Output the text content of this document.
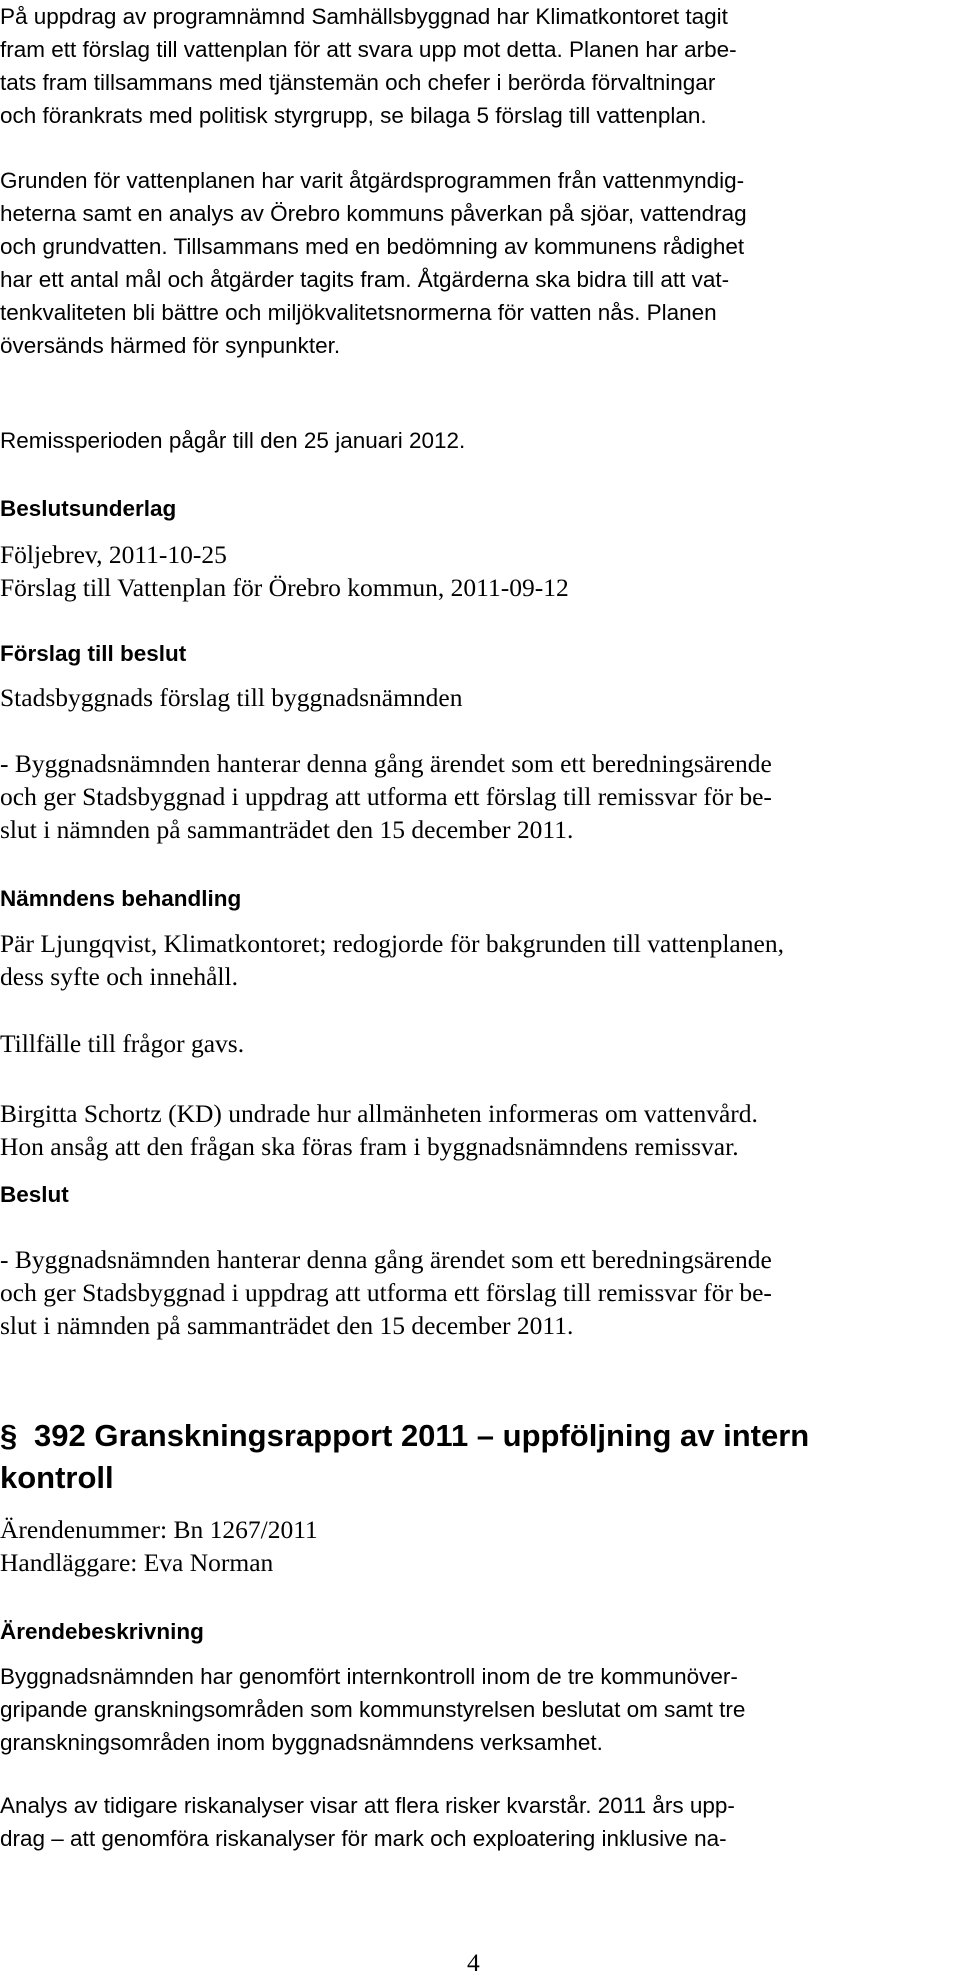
På uppdrag av programnämnd Samhällsbyggnad har Klimatkontoret tagit
fram ett förslag till vattenplan för att svara upp mot detta. Planen har arbe-
tats fram tillsammans med tjänstemän och chefer i berörda förvaltningar
och förankrats med politisk styrgrupp, se bilaga 5 förslag till vattenplan.
Grunden för vattenplanen har varit åtgärdsprogrammen från vattenmyndig-
heterna samt en analys av Örebro kommuns påverkan på sjöar, vattendrag
och grundvatten. Tillsammans med en bedömning av kommunens rådighet
har ett antal mål och åtgärder tagits fram. Åtgärderna ska bidra till att vat-
tenkvaliteten bli bättre och miljökvalitetsnormerna för vatten nås. Planen
översänds härmed för synpunkter.
Remissperioden pågår till den 25 januari 2012.
Beslutsunderlag
Följebrev, 2011-10-25
Förslag till Vattenplan för Örebro kommun, 2011-09-12
Förslag till beslut
Stadsbyggnads förslag till byggnadsnämnden
- Byggnadsnämnden hanterar denna gång ärendet som ett beredningsärende
och ger Stadsbyggnad i uppdrag att utforma ett förslag till remissvar för be-
slut i nämnden på sammanträdet den 15 december 2011.
Nämndens behandling
Pär Ljungqvist, Klimatkontoret; redogjorde för bakgrunden till vattenplanen,
dess syfte och innehåll.
Tillfälle till frågor gavs.
Birgitta Schortz (KD) undrade hur allmänheten informeras om vattenvård.
Hon ansåg att den frågan ska föras fram i byggnadsnämndens remissvar.
Beslut
- Byggnadsnämnden hanterar denna gång ärendet som ett beredningsärende
och ger Stadsbyggnad i uppdrag att utforma ett förslag till remissvar för be-
slut i nämnden på sammanträdet den 15 december 2011.
§ 392 Granskningsrapport 2011 – uppföljning av intern
kontroll
Ärendenummer: Bn 1267/2011
Handläggare: Eva Norman
Ärendebeskrivning
Byggnadsnämnden har genomfört internkontroll inom de tre kommunöver-
gripande granskningsområden som kommunstyrelsen beslutat om samt tre
granskningsområden inom byggnadsnämndens verksamhet.
Analys av tidigare riskanalyser visar att flera risker kvarstår. 2011 års upp-
drag – att genomföra riskanalyser för mark och exploatering inklusive na-
4
